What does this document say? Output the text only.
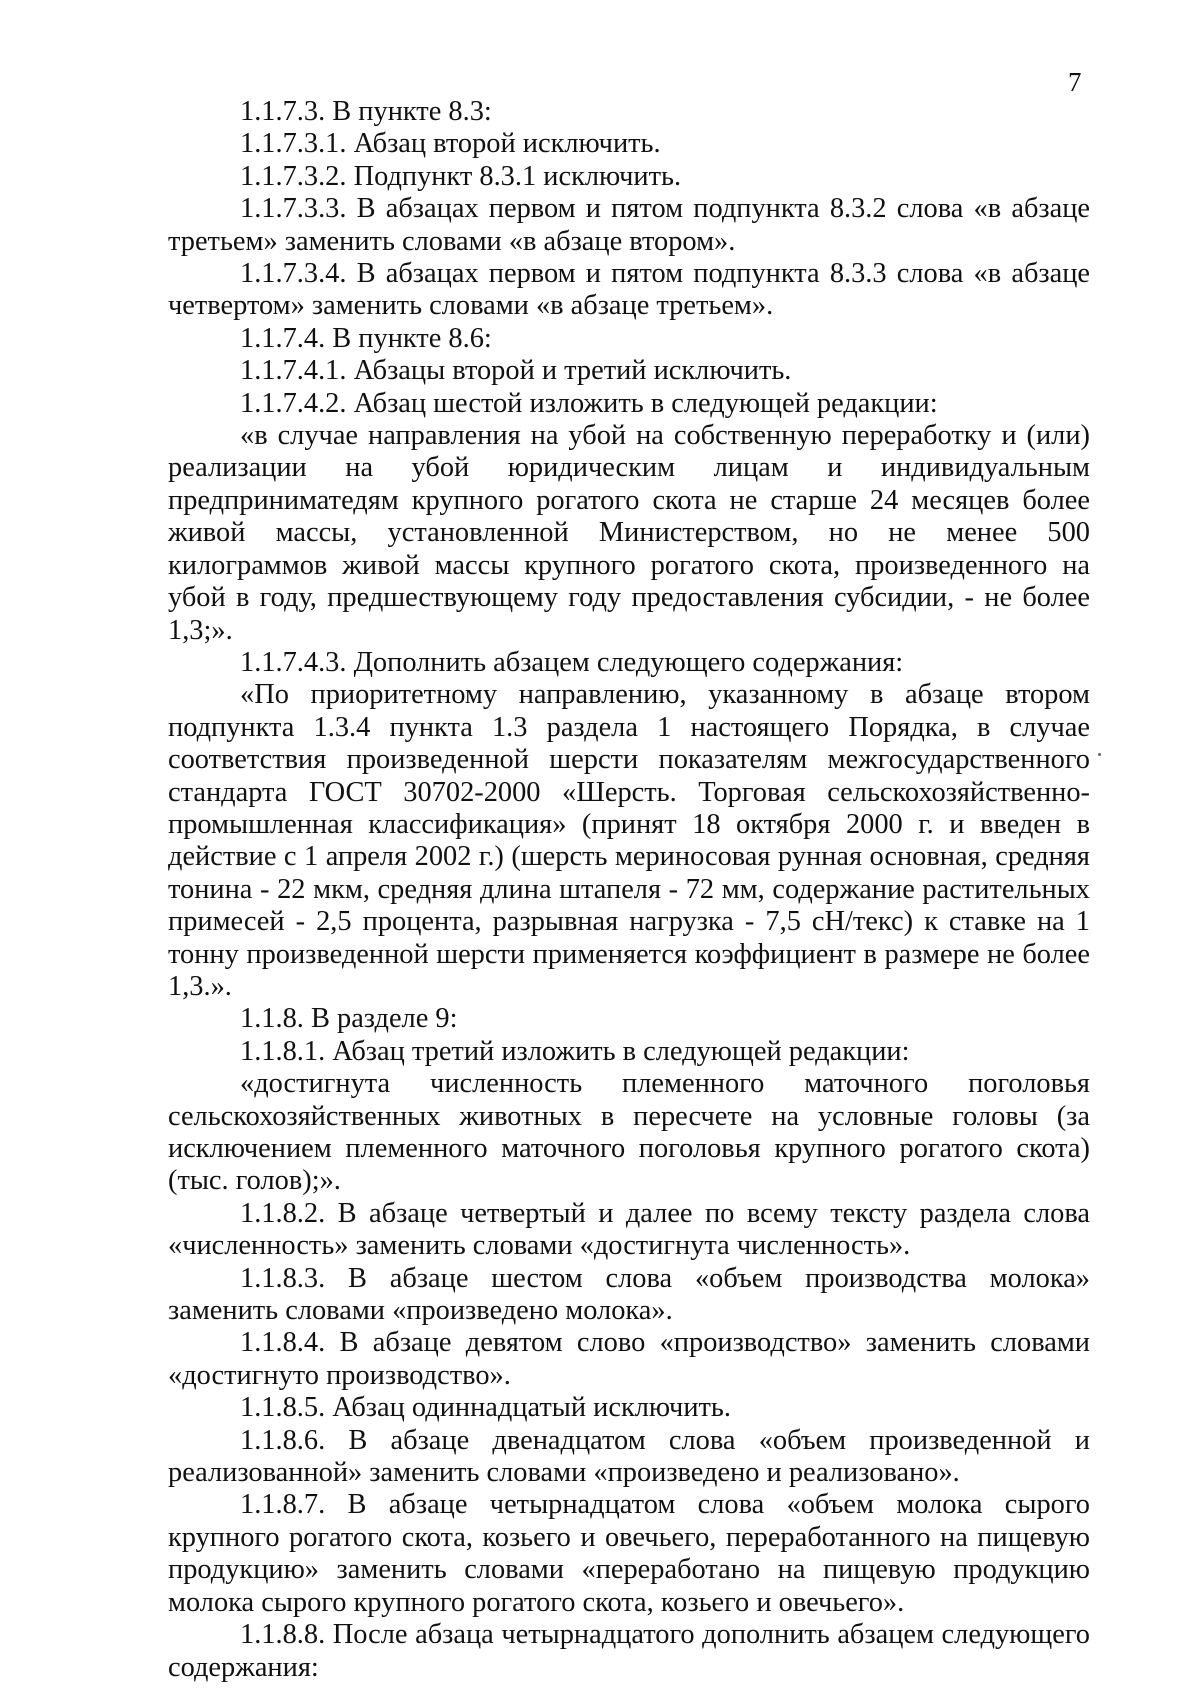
7

1.1.7.3. В пункте 8.3:

1.1.7.3.1. Абзац второй исключить.

1.1.7.3.2. Подпункт 8.3.1 исключить.

1.1.7.3.3. В абзацах первом и пятом подпункта 8.3.2 слова «в абзаце третьем» заменить словами «в абзаце втором».

1.1.7.3.4. В абзацах первом и пятом подпункта 8.3.3 слова «в абзаце четвертом» заменить словами «в абзаце третьем».

1.1.7.4. В пункте 8.6:

1.1.7.4.1. Абзацы второй и третий исключить.

1.1.7.4.2. Абзац шестой изложить в следующей редакции:

«в случае направления на убой на собственную переработку и (или) реализации на убой юридическим лицам и индивидуальным предприниматедям крупного рогатого скота не старше 24 месяцев более живой массы, установленной Министерством, но не менее 500 килограммов живой массы крупного рогатого скота, произведенного на убой в году, предшествующему году предоставления субсидии, - не более 1,3;».

1.1.7.4.3. Дополнить абзацем следующего содержания:

«По приоритетному направлению, указанному в абзаце втором подпункта 1.3.4 пункта 1.3 раздела 1 настоящего Порядка, в случае соответствия произведенной шерсти показателям межгосударственного стандарта ГОСТ 30702-2000 «Шерсть. Торговая сельскохозяйственно-промышленная классификация» (принят 18 октября 2000 г. и введен в действие с 1 апреля 2002 г.) (шерсть мериносовая рунная основная, средняя тонина - 22 мкм, средняя длина штапеля - 72 мм, содержание растительных примесей - 2,5 процента, разрывная нагрузка - 7,5 сН/текс) к ставке на 1 тонну произведенной шерсти применяется коэффициент в размере не более 1,3.».

1.1.8. В разделе 9:

1.1.8.1. Абзац третий изложить в следующей редакции:

«достигнута численность племенного маточного поголовья сельскохозяйственных животных в пересчете на условные головы (за исключением племенного маточного поголовья крупного рогатого скота) (тыс. голов);».

1.1.8.2. В абзаце четвертый и далее по всему тексту раздела слова «численность» заменить словами «достигнута численность».

1.1.8.3. В абзаце шестом слова «объем производства молока» заменить словами «произведено молока».

1.1.8.4. В абзаце девятом слово «производство» заменить словами «достигнуто производство».

1.1.8.5. Абзац одиннадцатый исключить.

1.1.8.6. В абзаце двенадцатом слова «объем произведенной и реализованной» заменить словами «произведено и реализовано».

1.1.8.7. В абзаце четырнадцатом слова «объем молока сырого крупного рогатого скота, козьего и овечьего, переработанного на пищевую продукцию» заменить словами «переработано на пищевую продукцию молока сырого крупного рогатого скота, козьего и овечьего».

1.1.8.8. После абзаца четырнадцатого дополнить абзацем следующего содержания:
